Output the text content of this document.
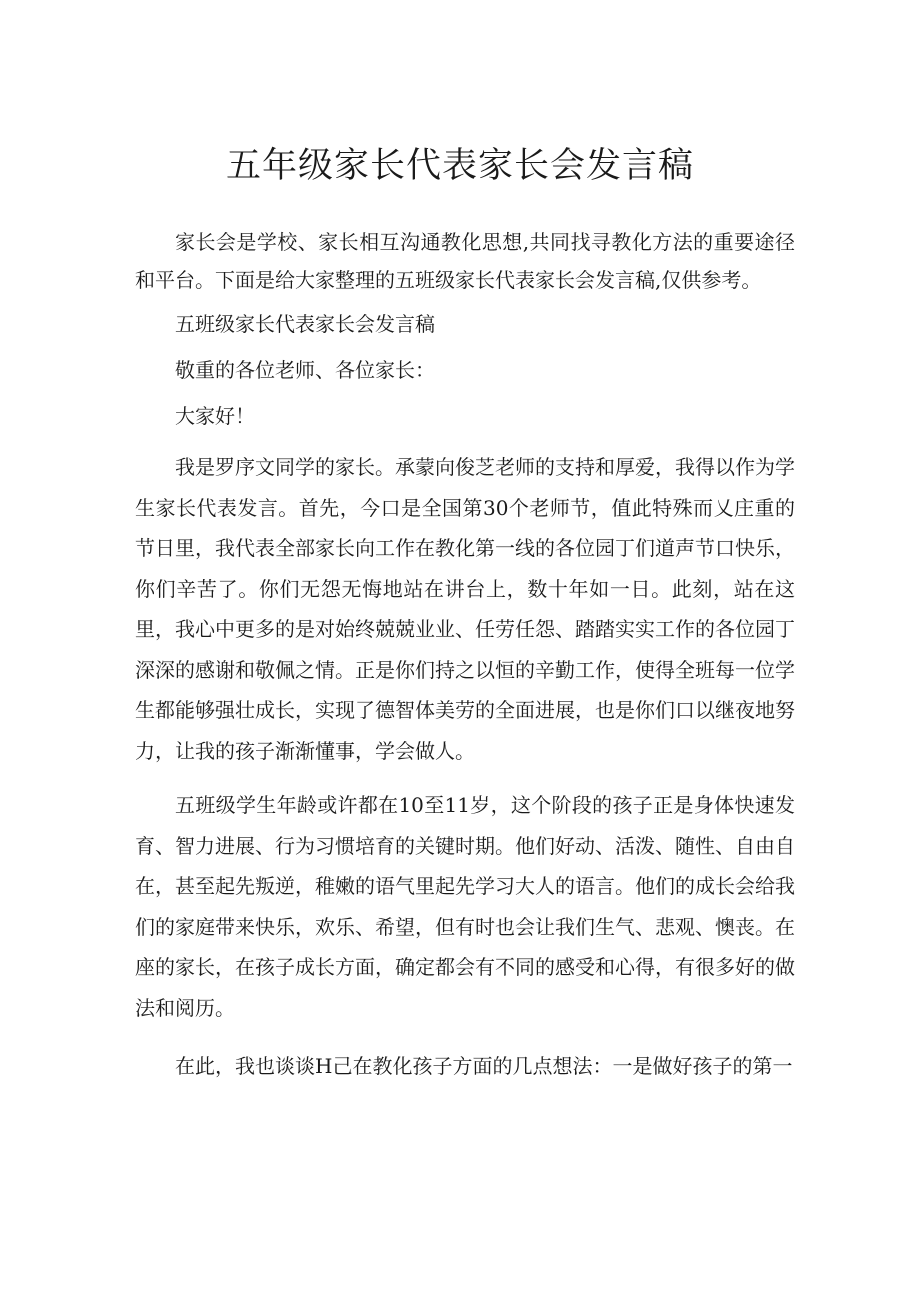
五年级家长代表家长会发言稿

家长会是学校、家长相互沟通教化思想,共同找寻教化方法的重要途径和平台。下面是给大家整理的五班级家长代表家长会发言稿,仅供参考。

五班级家长代表家长会发言稿

敬重的各位老师、各位家长：

大家好！

我是罗序文同学的家长。承蒙向俊芝老师的支持和厚爱，我得以作为学生家长代表发言。首先，今口是全国第30个老师节，值此特殊而乂庄重的节日里，我代表全部家长向工作在教化第一线的各位园丁们道声节口快乐，你们辛苦了。你们无怨无悔地站在讲台上，数十年如一日。此刻，站在这里，我心中更多的是对始终兢兢业业、任劳任怨、踏踏实实工作的各位园丁深深的感谢和敬佩之情。正是你们持之以恒的辛勤工作，使得全班每一位学生都能够强壮成长，实现了德智体美劳的全面进展，也是你们口以继夜地努力，让我的孩子渐渐懂事，学会做人。

五班级学生年龄或许都在10至11岁，这个阶段的孩子正是身体快速发育、智力进展、行为习惯培育的关键时期。他们好动、活泼、随性、自由自在，甚至起先叛逆，稚嫩的语气里起先学习大人的语言。他们的成长会给我们的家庭带来快乐，欢乐、希望，但有时也会让我们生气、悲观、懊丧。在座的家长，在孩子成长方面，确定都会有不同的感受和心得，有很多好的做法和阅历。

在此，我也谈谈H己在教化孩子方面的几点想法：一是做好孩子的第一
